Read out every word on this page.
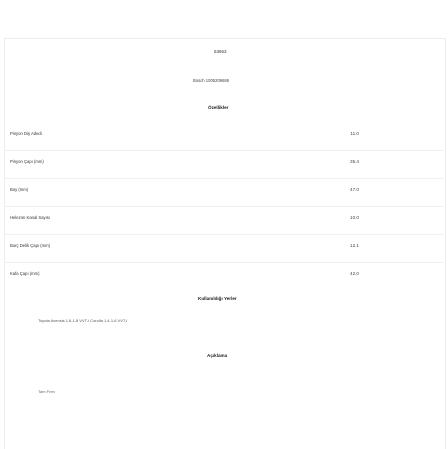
53663
Bosch 1005209695
Özellikler
Pinyon Diş Adedi	11.0
Pinyon Çapı (mm)	35.4
Boy (mm)	47.0
Helezon Kanal Sayısı	10.0
Burç Delik Çapı (mm)	12.1
Kafa Çapı (mm)	42.0
Kullanıldığı Yerler
Toyota Avensis 1.6-1.8 VVT-i Corolla 1.4-1.6 VVT-i
Açıklama
Tam Fren
